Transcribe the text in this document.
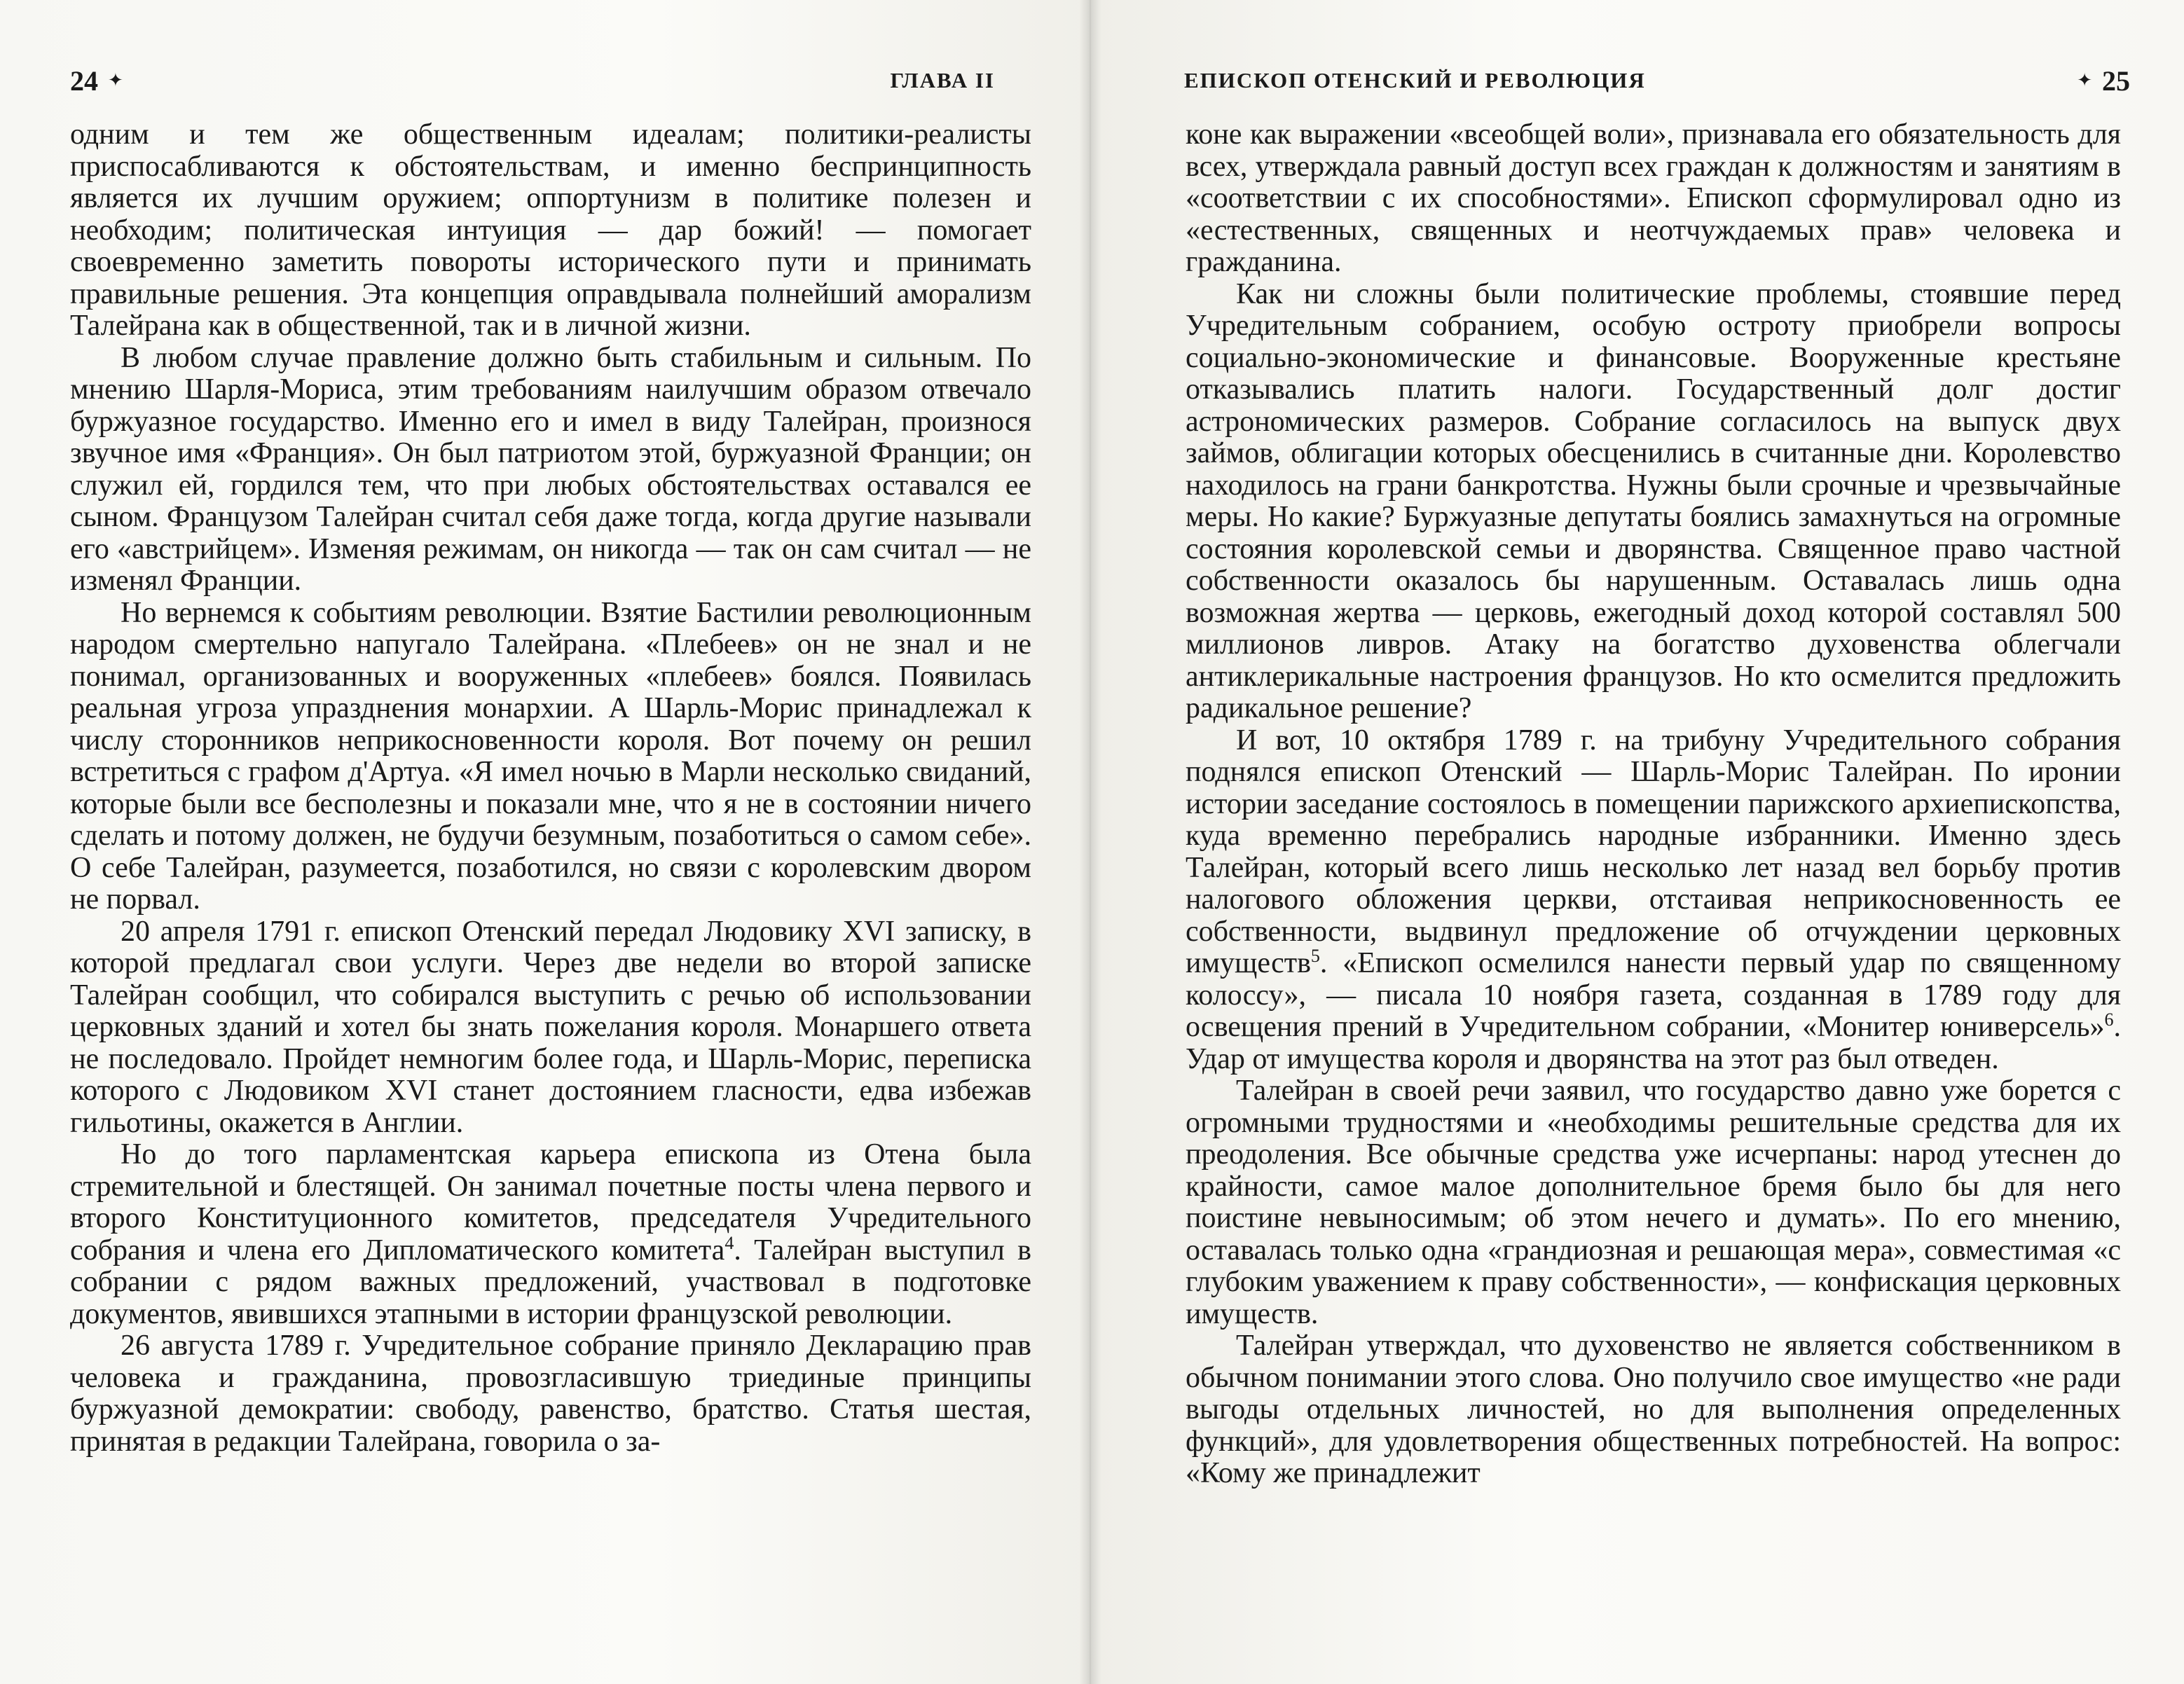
24 ✦	ГЛАВА II	ЕПИСКОП ОТЕНСКИЙ И РЕВОЛЮЦИЯ	✦ 25

одним и тем же общественным идеалам; политики-реалисты приспосабливаются к обстоятельствам, и именно беспринципность является их лучшим оружием; оппортунизм в политике полезен и необходим; политическая интуиция — дар божий! — помогает своевременно заметить повороты исторического пути и принимать правильные решения. Эта концепция оправдывала полнейший аморализм Талейрана как в общественной, так и в личной жизни.

В любом случае правление должно быть стабильным и сильным. По мнению Шарля-Мориса, этим требованиям наилучшим образом отвечало буржуазное государство. Именно его и имел в виду Талейран, произнося звучное имя «Франция». Он был патриотом этой, буржуазной Франции; он служил ей, гордился тем, что при любых обстоятельствах оставался ее сыном. Французом Талейран считал себя даже тогда, когда другие называли его «австрийцем». Изменяя режимам, он никогда — так он сам считал — не изменял Франции.

Но вернемся к событиям революции. Взятие Бастилии революционным народом смертельно напугало Талейрана. «Плебеев» он не знал и не понимал, организованных и вооруженных «плебеев» боялся. Появилась реальная угроза упразднения монархии. А Шарль-Морис принадлежал к числу сторонников неприкосновенности короля. Вот почему он решил встретиться с графом д'Артуа. «Я имел ночью в Марли несколько свиданий, которые были все бесполезны и показали мне, что я не в состоянии ничего сделать и потому должен, не будучи безумным, позаботиться о самом себе». О себе Талейран, разумеется, позаботился, но связи с королевским двором не порвал.

20 апреля 1791 г. епископ Отенский передал Людовику XVI записку, в которой предлагал свои услуги. Через две недели во второй записке Талейран сообщил, что собирался выступить с речью об использовании церковных зданий и хотел бы знать пожелания короля. Монаршего ответа не последовало. Пройдет немногим более года, и Шарль-Морис, переписка которого с Людовиком XVI станет достоянием гласности, едва избежав гильотины, окажется в Англии.

Но до того парламентская карьера епископа из Отена была стремительной и блестящей. Он занимал почетные посты члена первого и второго Конституционного комитетов, председателя Учредительного собрания и члена его Дипломатического комитета$^4$. Талейран выступил в собрании с рядом важных предложений, участвовал в подготовке документов, явившихся этапными в истории французской революции.

26 августа 1789 г. Учредительное собрание приняло Декларацию прав человека и гражданина, провозгласившую триединые принципы буржуазной демократии: свободу, равенство, братство. Статья шестая, принятая в редакции Талейрана, говорила о за-

коне как выражении «всеобщей воли», признавала его обязательность для всех, утверждала равный доступ всех граждан к должностям и занятиям в «соответствии с их способностями». Епископ сформулировал одно из «естественных, священных и неотчуждаемых прав» человека и гражданина.

Как ни сложны были политические проблемы, стоявшие перед Учредительным собранием, особую остроту приобрели вопросы социально-экономические и финансовые. Вооруженные крестьяне отказывались платить налоги. Государственный долг достиг астрономических размеров. Собрание согласилось на выпуск двух займов, облигации которых обесценились в считанные дни. Королевство находилось на грани банкротства. Нужны были срочные и чрезвычайные меры. Но какие? Буржуазные депутаты боялись замахнуться на огромные состояния королевской семьи и дворянства. Священное право частной собственности оказалось бы нарушенным. Оставалась лишь одна возможная жертва — церковь, ежегодный доход которой составлял 500 миллионов ливров. Атаку на богатство духовенства облегчали антиклерикальные настроения французов. Но кто осмелится предложить радикальное решение?

И вот, 10 октября 1789 г. на трибуну Учредительного собрания поднялся епископ Отенский — Шарль-Морис Талейран. По иронии истории заседание состоялось в помещении парижского архиепископства, куда временно перебрались народные избранники. Именно здесь Талейран, который всего лишь несколько лет назад вел борьбу против налогового обложения церкви, отстаивая неприкосновенность ее собственности, выдвинул предложение об отчуждении церковных имуществ$^5$. «Епископ осмелился нанести первый удар по священному колоссу», — писала 10 ноября газета, созданная в 1789 году для освещения прений в Учредительном собрании, «Монитер юниверсель»$^6$. Удар от имущества короля и дворянства на этот раз был отведен.

Талейран в своей речи заявил, что государство давно уже борется с огромными трудностями и «необходимы решительные средства для их преодоления. Все обычные средства уже исчерпаны: народ утеснен до крайности, самое малое дополнительное бремя было бы для него поистине невыносимым; об этом нечего и думать». По его мнению, оставалась только одна «грандиозная и решающая мера», совместимая «с глубоким уважением к праву собственности», — конфискация церковных имуществ.

Талейран утверждал, что духовенство не является собственником в обычном понимании этого слова. Оно получило свое имущество «не ради выгоды отдельных личностей, но для выполнения определенных функций», для удовлетворения общественных потребностей. На вопрос: «Кому же принадлежит
